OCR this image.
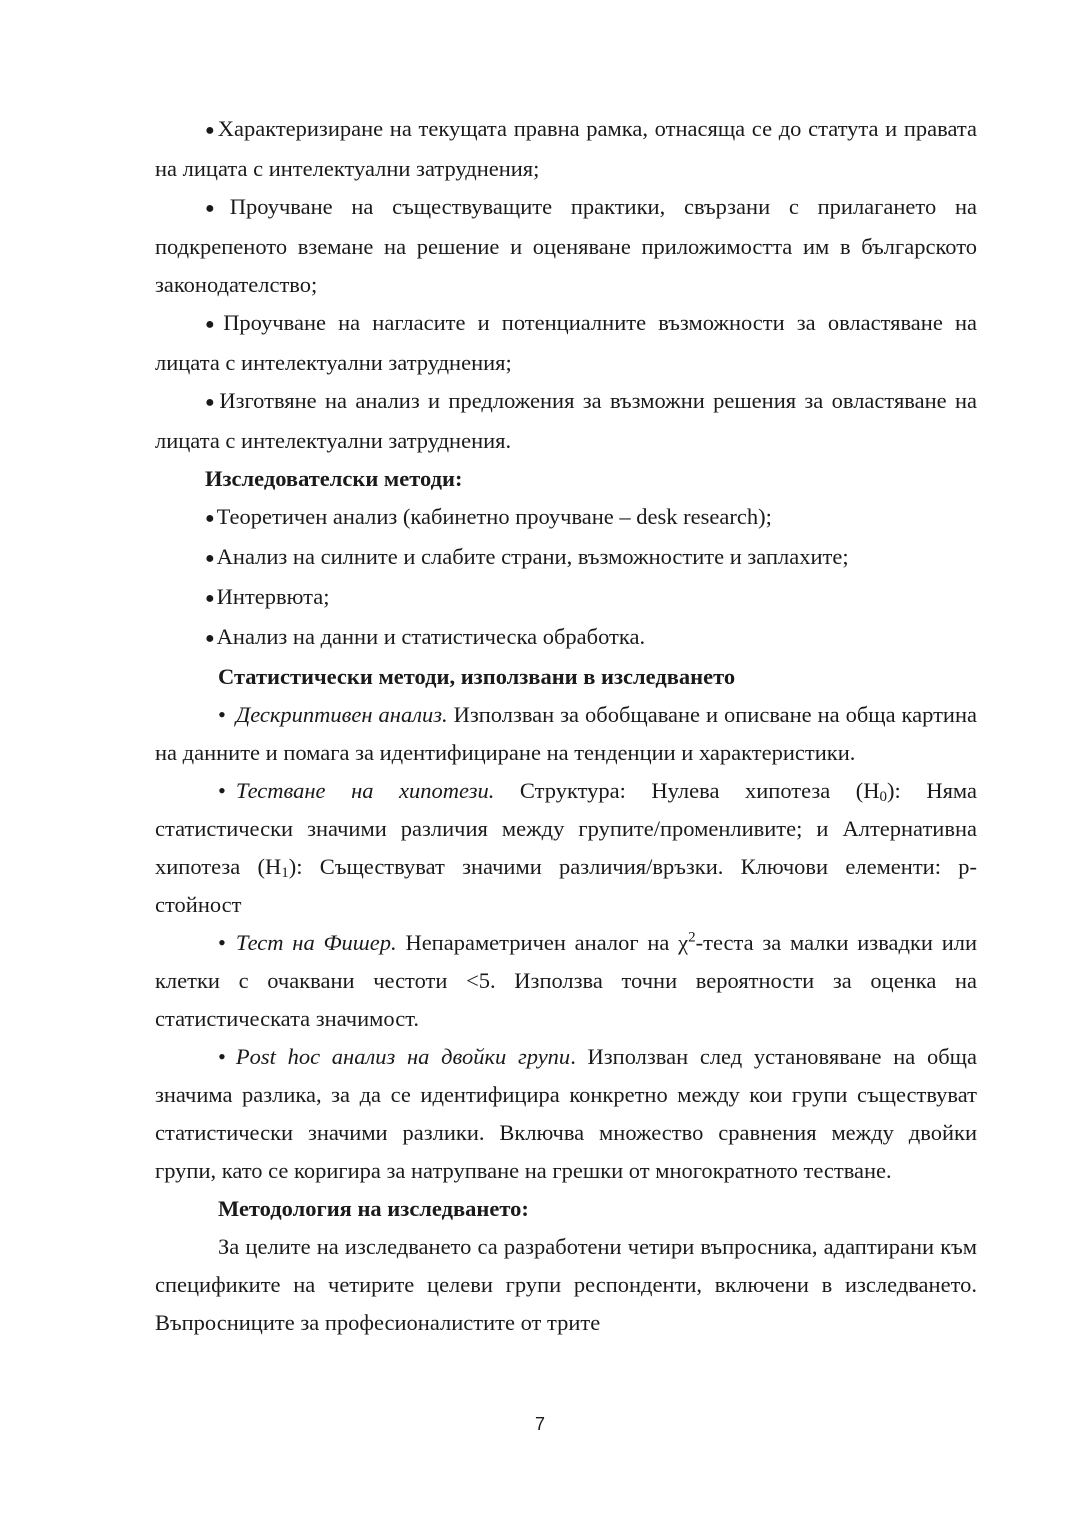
●Характеризиране на текущата правна рамка, отнасяща се до статута и правата на лицата с интелектуални затруднения;

●Проучване на съществуващите практики, свързани с прилагането на подкрепеното вземане на решение и оценяване приложимостта им в българското законодателство;

●Проучване на нагласите и потенциалните възможности за овластяване на лицата с интелектуални затруднения;

●Изготвяне на анализ и предложения за възможни решения за овластяване на лицата с интелектуални затруднения.

Изследователски методи:

●Теоретичен анализ (кабинетно проучване – desk research);

●Анализ на силните и слабите страни, възможностите и заплахите;

●Интервюта;

●Анализ на данни и статистическа обработка.

Статистически методи, използвани в изследването

• Дескриптивен анализ. Използван за обобщаване и описване на обща картина на данните и помага за идентифициране на тенденции и характеристики.

• Тестване на хипотези. Структура: Нулева хипотеза $(H_0)$: Няма статистически значими различия между групите/променливите; и Алтернативна хипотеза $(H_1)$: Съществуват значими различия/връзки. Ключови елементи: p-стойност

• Тест на Фишер. Непараметричен аналог на $\chi^2$-теста за малки извадки или клетки с очаквани честоти <5. Използва точни вероятности за оценка на статистическата значимост.

• Post hoc анализ на двойки групи. Използван след установяване на обща значима разлика, за да се идентифицира конкретно между кои групи съществуват статистически значими разлики. Включва множество сравнения между двойки групи, като се коригира за натрупване на грешки от многократното тестване.

Методология на изследването:

За целите на изследването са разработени четири въпросника, адаптирани към спецификите на четирите целеви групи респонденти, включени в изследването. Въпросниците за професионалистите от трите

7
